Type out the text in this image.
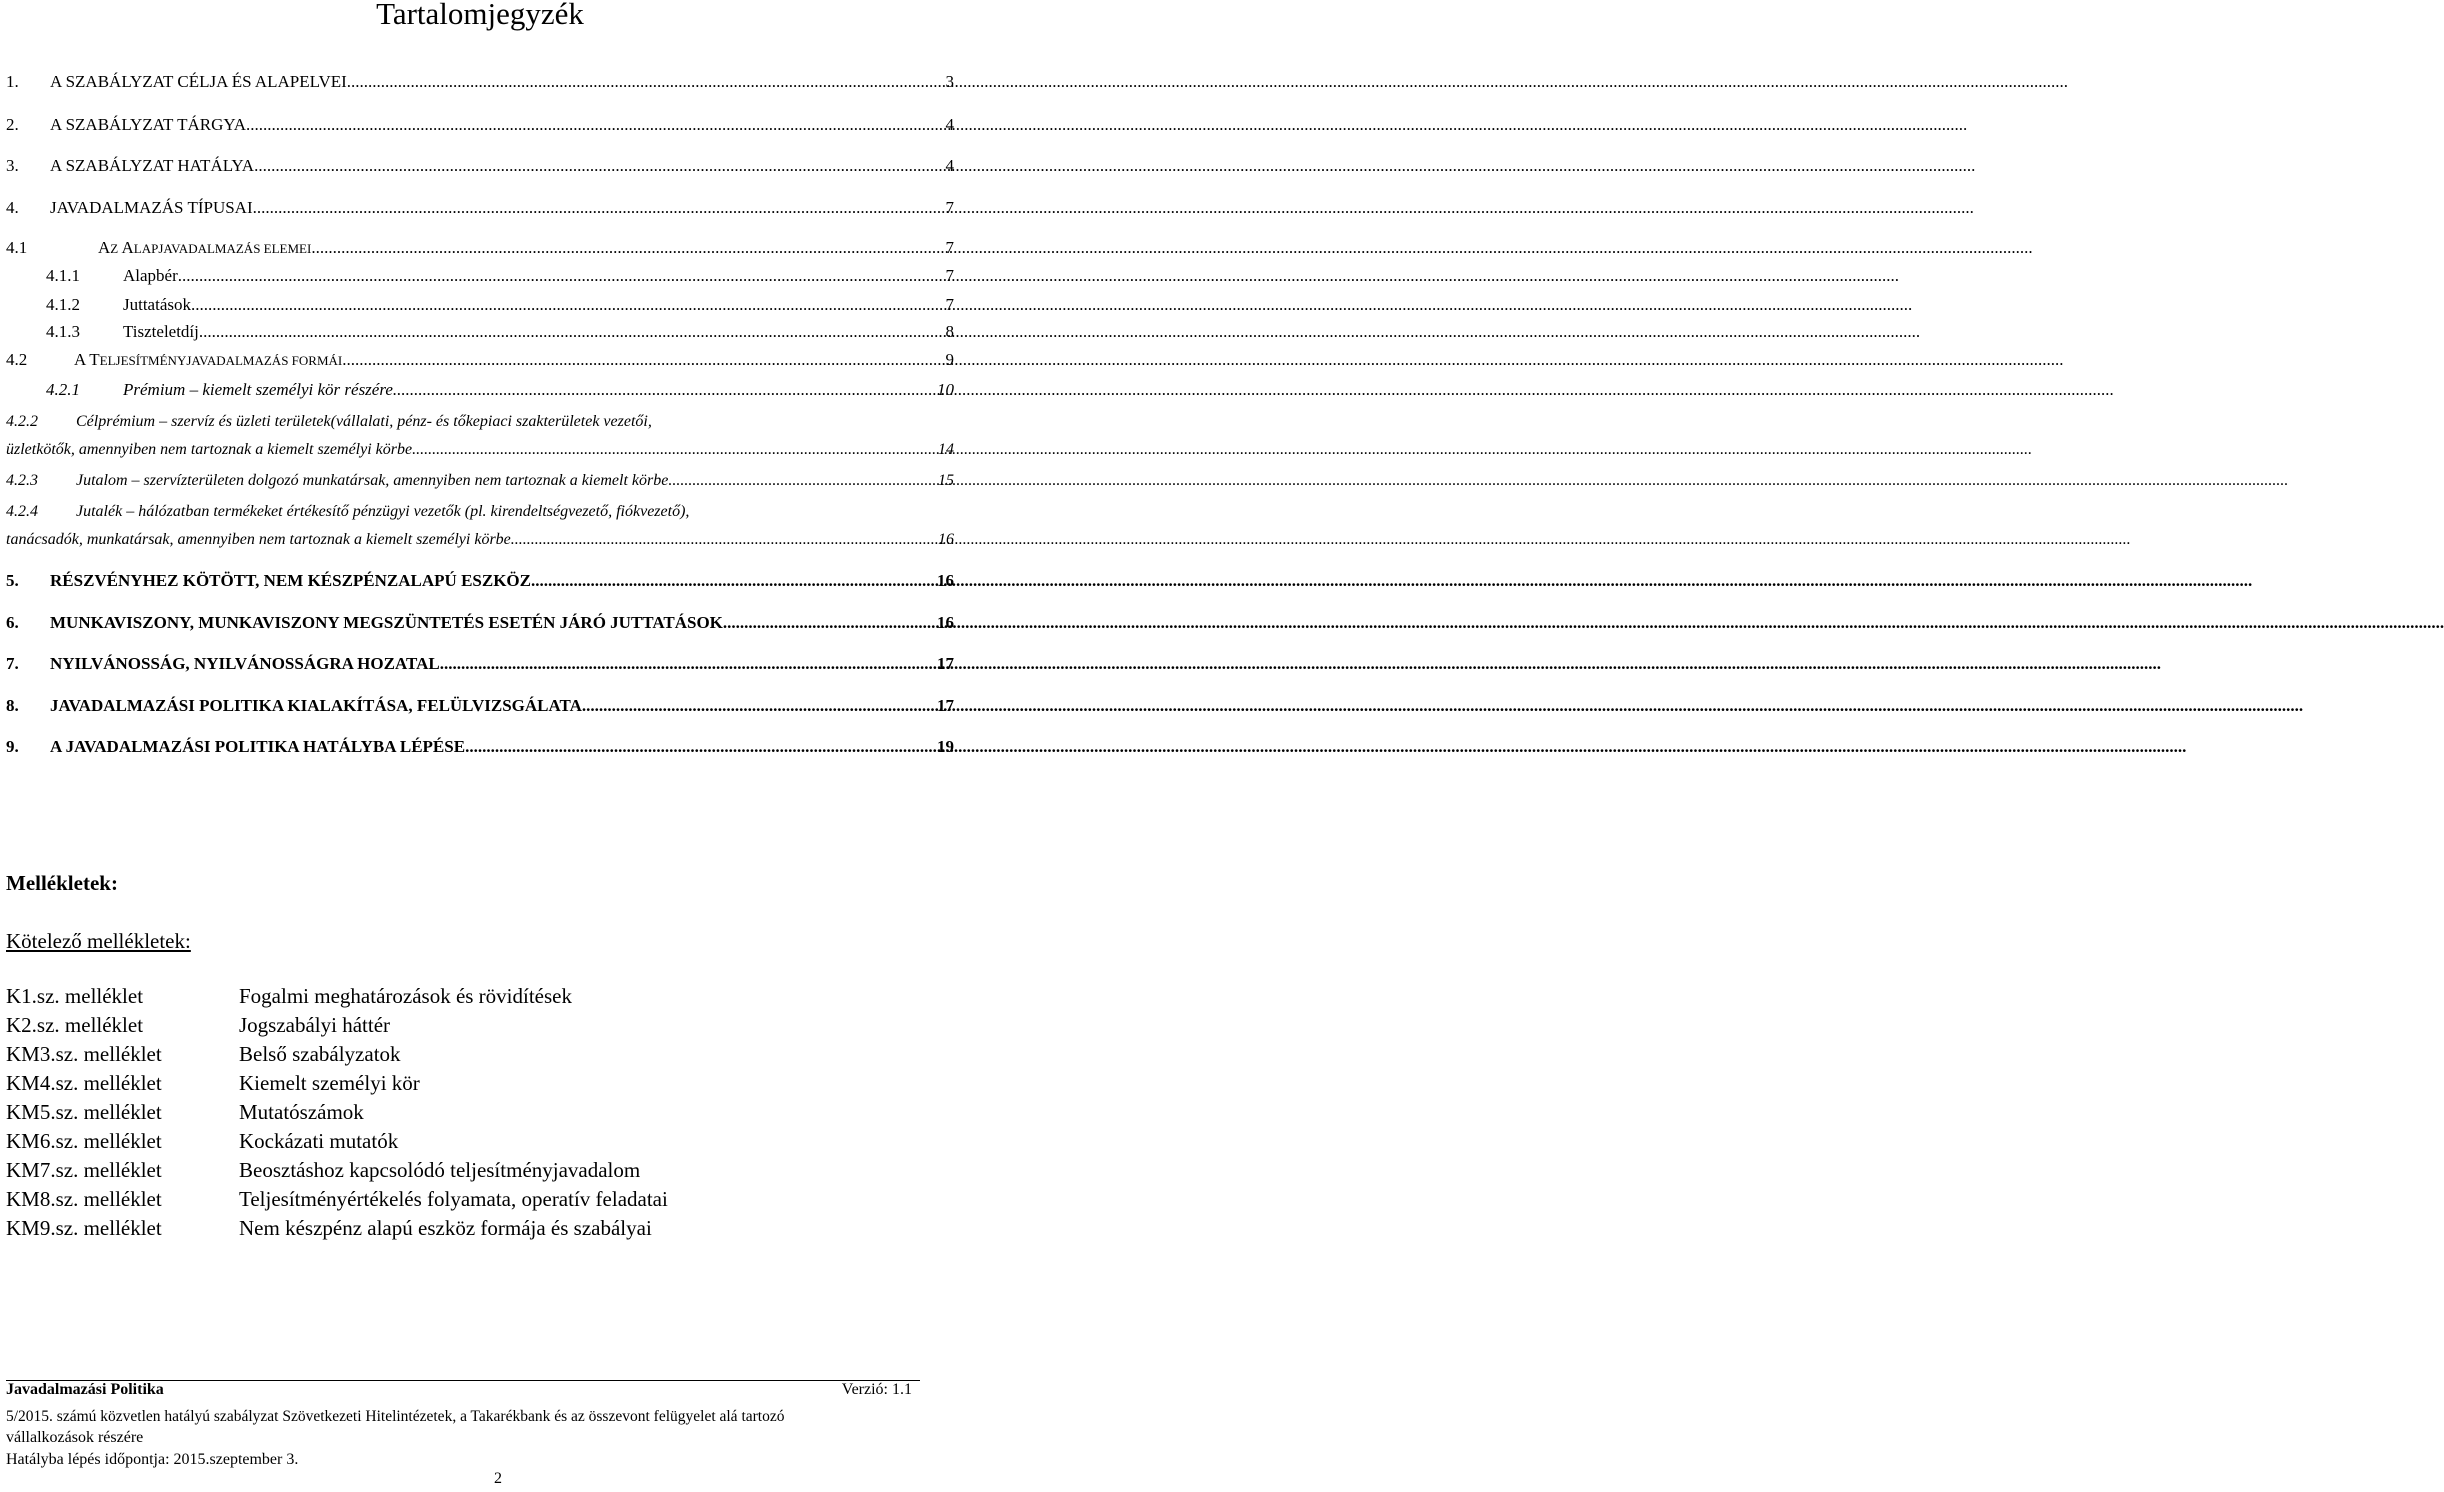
Tartalomjegyzék
1.	A SZABÁLYZAT CÉLJA ÉS ALAPELVEI .....	3
2.	A SZABÁLYZAT TÁRGYA .....	4
3.	A SZABÁLYZAT HATÁLYA .....	4
4.	JAVADALMAZÁS TÍPUSAI .....	7
4.1	AZ ALAPJAVADALMAZÁS ELEMEI .....	7
4.1.1	Alapbér .....	7
4.1.2	Juttatások .....	7
4.1.3	Tiszteletdíj .....	8
4.2	A TELJESÍTMÉNYJAVADALMAZÁS FORMÁI .....	9
4.2.1	Prémium – kiemelt személyi kör részére .....	10
4.2.2 Célprémium – szervíz és üzleti területek(vállalati, pénz- és tőkepiaci szakterületek vezetői,
üzletkötők, amennyiben nem tartoznak a kiemelt személyi körbe .....	14
4.2.3	Jutalom – szervízterületen dolgozó munkatársak, amennyiben nem tartoznak a kiemelt körbe .....	15
4.2.4 Jutalék – hálózatban termékeket értékesítő pénzügyi vezetők (pl. kirendeltségvezető, fiókvezető),
tanácsadók, munkatársak, amennyiben nem tartoznak a kiemelt személyi körbe .....	16
5.	RÉSZVÉNYHEZ KÖTÖTT, NEM KÉSZPÉNZALAPÚ ESZKÖZ .....	16
6.	MUNKAVISZONY, MUNKAVISZONY MEGSZÜNTETÉS ESETÉN JÁRÓ JUTTATÁSOK .....	16
7.	NYILVÁNOSSÁG, NYILVÁNOSSÁGRA HOZATAL .....	17
8.	JAVADALMAZÁSI POLITIKA KIALAKÍTÁSA, FELÜLVIZSGÁLATA .....	17
9.	A JAVADALMAZÁSI POLITIKA HATÁLYBA LÉPÉSE .....	19
Mellékletek:
Kötelező mellékletek:
K1.sz. melléklet	Fogalmi meghatározások és rövidítések
K2.sz. melléklet	Jogszabályi háttér
KM3.sz. melléklet	Belső szabályzatok
KM4.sz. melléklet	Kiemelt személyi kör
KM5.sz. melléklet	Mutatószámok
KM6.sz. melléklet	Kockázati mutatók
KM7.sz. melléklet	Beosztáshoz kapcsolódó teljesítményjavadalom
KM8.sz. melléklet	Teljesítményértékelés folyamata, operatív feladatai
KM9.sz. melléklet	Nem készpénz alapú eszköz formája és szabályai
Javadalmazási Politika	Verzió: 1.1
5/2015. számú közvetlen hatályú szabályzat Szövetkezeti Hitelintézetek, a Takarékbank és az összevont felügyelet alá tartozó
vállalkozások részére
Hatályba lépés időpontja: 2015.szeptember 3.
2
